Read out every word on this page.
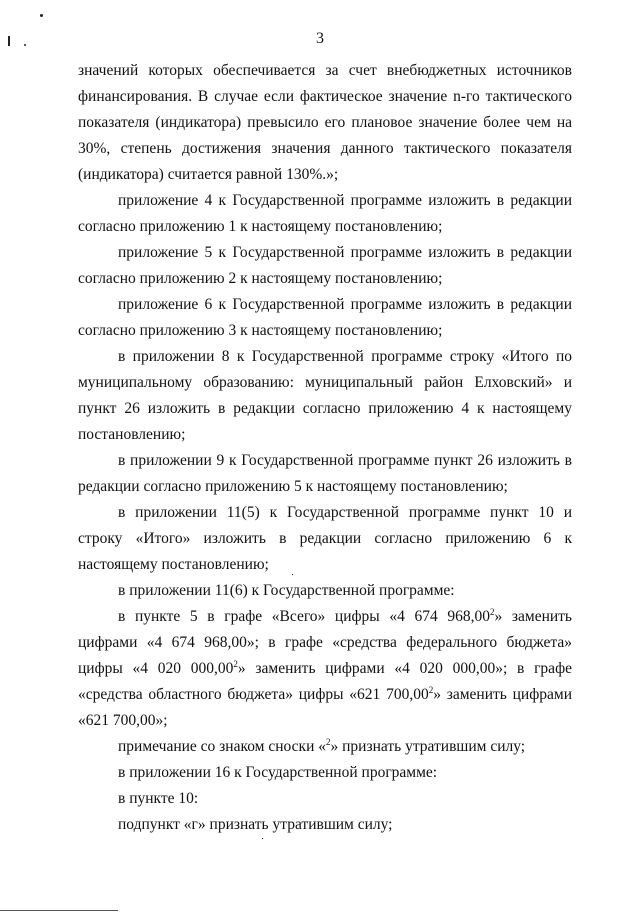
3

значений которых обеспечивается за счет внебюджетных источников финансирования. В случае если фактическое значение n-го тактического показателя (индикатора) превысило его плановое значение более чем на 30%, степень достижения значения данного тактического показателя (индикатора) считается равной 130%.»;

приложение 4 к Государственной программе изложить в редакции согласно приложению 1 к настоящему постановлению;

приложение 5 к Государственной программе изложить в редакции согласно приложению 2 к настоящему постановлению;

приложение 6 к Государственной программе изложить в редакции согласно приложению 3 к настоящему постановлению;

в приложении 8 к Государственной программе строку «Итого по муниципальному образованию: муниципальный район Елховский» и пункт 26 изложить в редакции согласно приложению 4 к настоящему постановлению;

в приложении 9 к Государственной программе пункт 26 изложить в редакции согласно приложению 5 к настоящему постановлению;

в приложении 11(5) к Государственной программе пункт 10 и строку «Итого» изложить в редакции согласно приложению 6 к настоящему постановлению;

в приложении 11(6) к Государственной программе:

в пункте 5 в графе «Всего» цифры «4 674 968,00$^2$» заменить цифрами «4 674 968,00»; в графе «средства федерального бюджета» цифры «4 020 000,00$^2$» заменить цифрами «4 020 000,00»; в графе «средства областного бюджета» цифры «621 700,00$^2$» заменить цифрами «621 700,00»;

примечание со знаком сноски «$^2$» признать утратившим силу;

в приложении 16 к Государственной программе:

в пункте 10:

подпункт «г» признать утратившим силу;
